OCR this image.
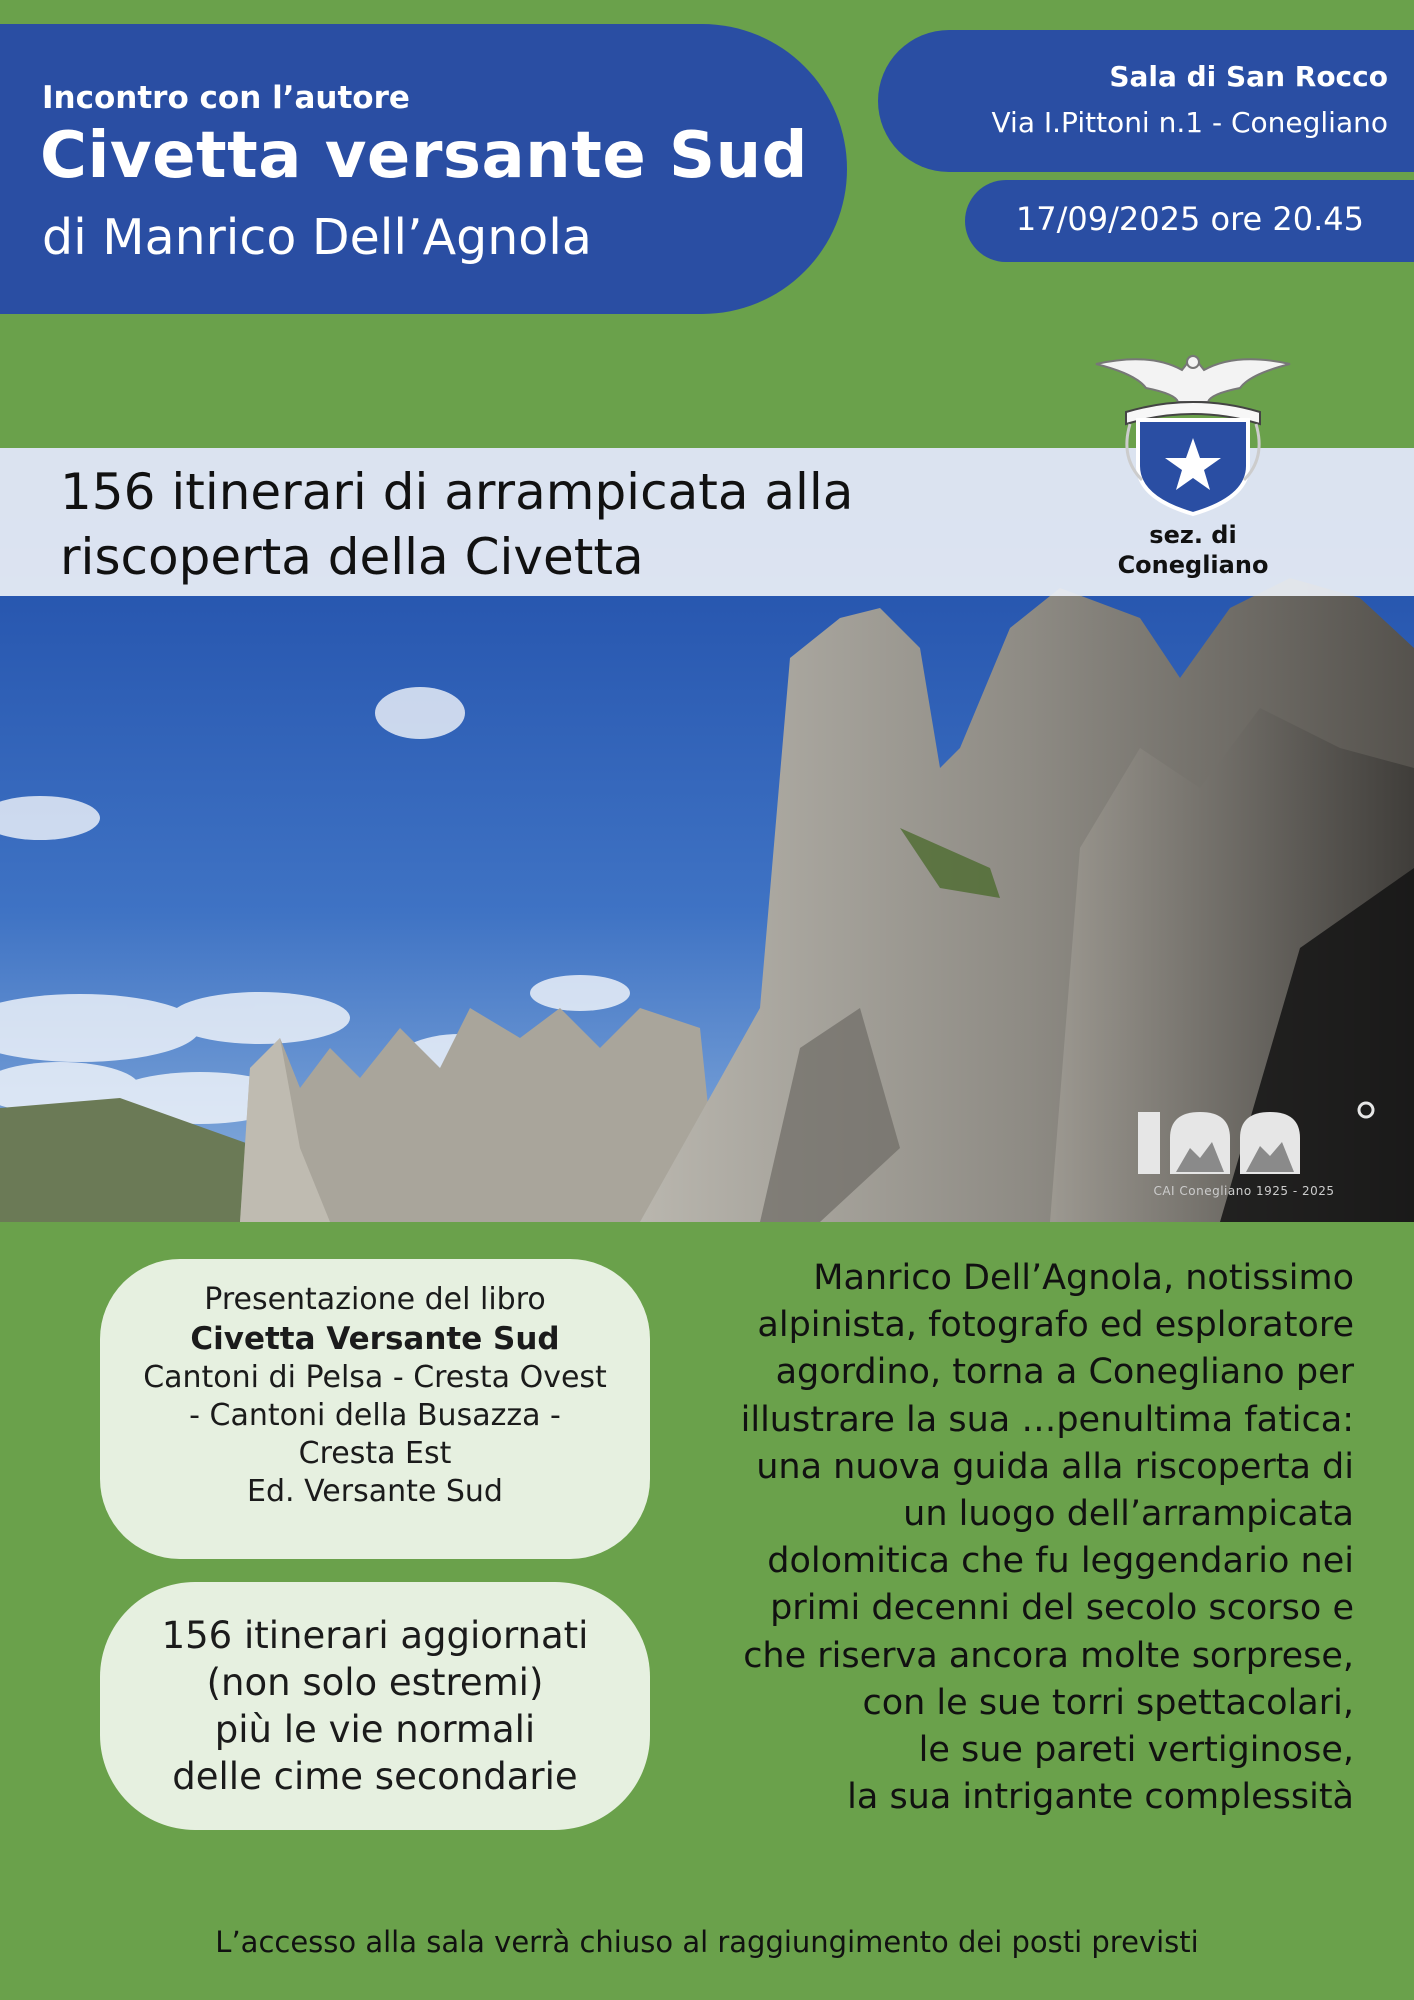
Incontro con l’autore
Civetta versante Sud
di Manrico Dell’Agnola
Sala di San Rocco
Via I.Pittoni n.1 - Conegliano
17/09/2025 ore 20.45
156 itinerari di arrampicata alla
riscoperta della Civetta	sez. di
Conegliano
CAI Conegliano 1925 - 2025
Presentazione del libro
Civetta Versante Sud
Cantoni di Pelsa - Cresta Ovest
- Cantoni della Busazza -
Cresta Est
Ed. Versante Sud
156 itinerari aggiornati
(non solo estremi)
più le vie normali
delle cime secondarie
Manrico Dell’Agnola, notissimo
alpinista, fotografo ed esploratore
agordino, torna a Conegliano per
illustrare la sua …penultima fatica:
una nuova guida alla riscoperta di
un luogo dell’arrampicata
dolomitica che fu leggendario nei
primi decenni del secolo scorso e
che riserva ancora molte sorprese,
con le sue torri spettacolari,
le sue pareti vertiginose,
la sua intrigante complessità
L’accesso alla sala verrà chiuso al raggiungimento dei posti previsti
